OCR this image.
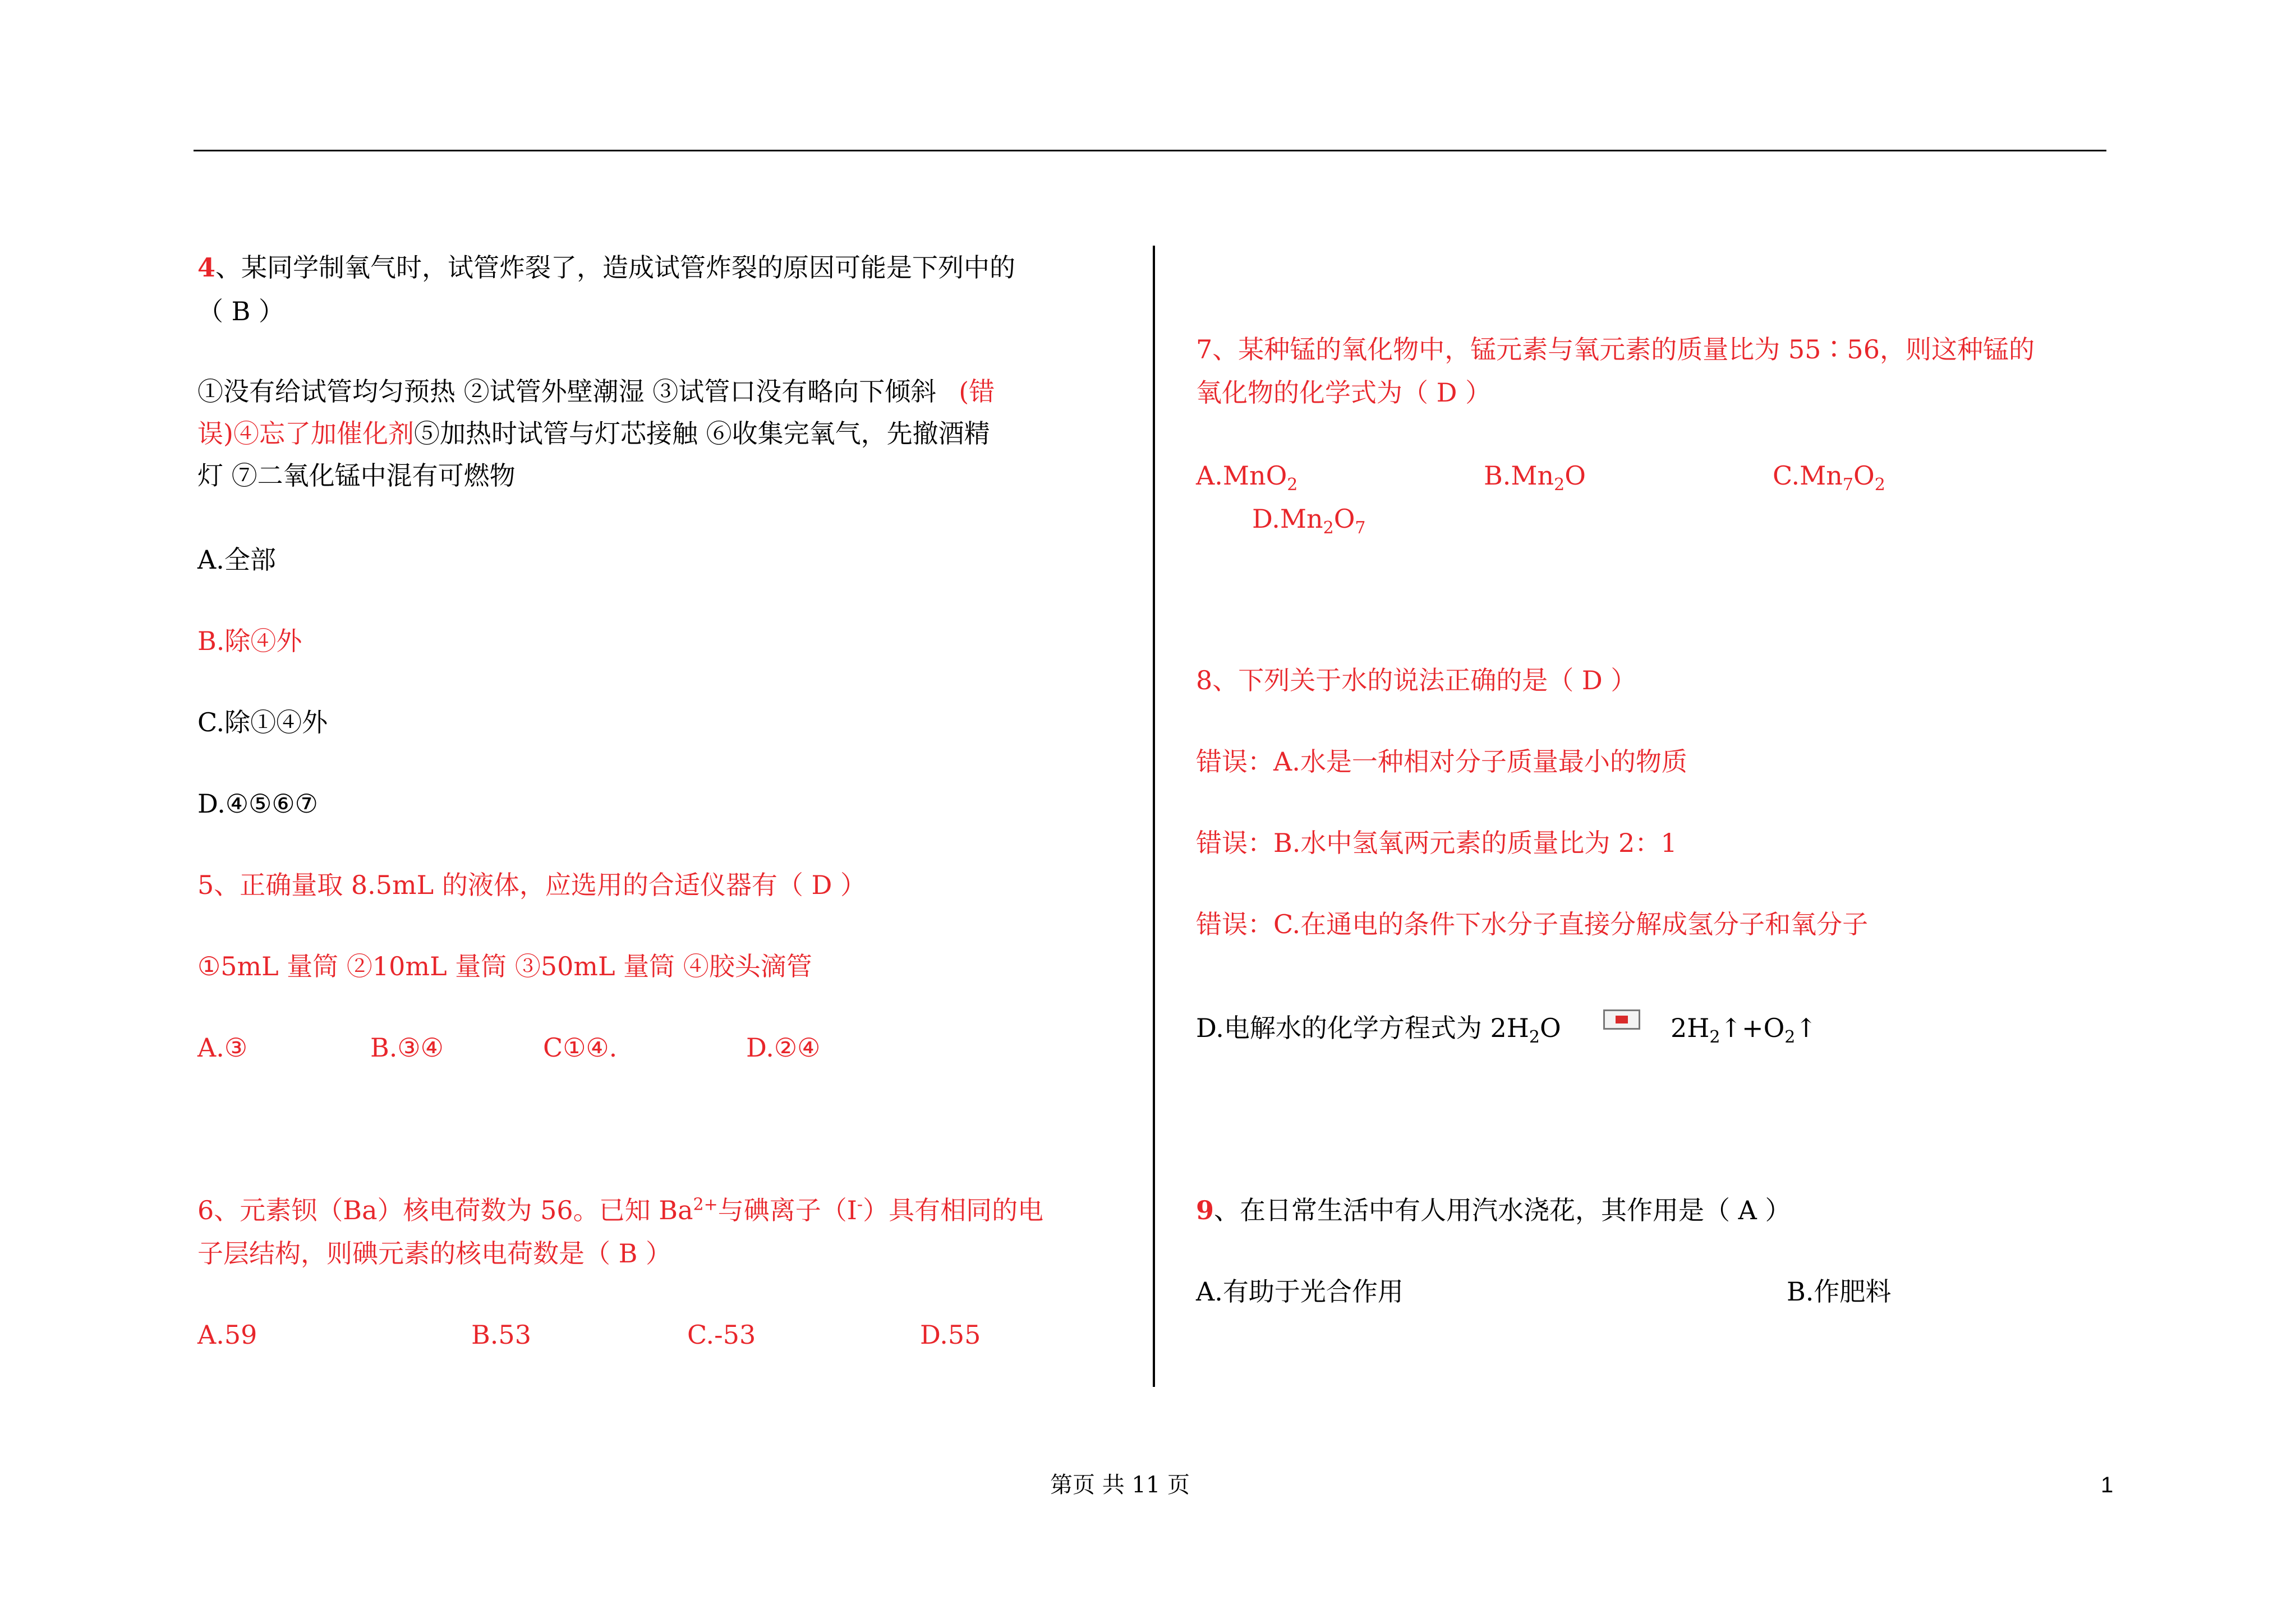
4、某同学制氧气时，试管炸裂了，造成试管炸裂的原因可能是下列中的
（ B ）
①没有给试管均匀预热 ②试管外壁潮湿 ③试管口没有略向下倾斜 (错
误)④忘了加催化剂⑤加热时试管与灯芯接触 ⑥收集完氧气，先撤酒精
灯 ⑦二氧化锰中混有可燃物
A.全部
B.除④外
C.除①④外
D.④⑤⑥⑦
5、正确量取 8.5mL 的液体，应选用的合适仪器有（ D ）
①5mL 量筒 ②10mL 量筒 ③50mL 量筒 ④胶头滴管
A.③	B.③④	C①④.	D.②④
6、元素钡（Ba）核电荷数为 56。已知 $Ba^{2+}$与碘离子（I-）具有相同的电
子层结构，则碘元素的核电荷数是（ B ）
A.59	B.53	C.-53	D.55
7、某种锰的氧化物中，锰元素与氧元素的质量比为 55∶56，则这种锰的
氧化物的化学式为（ D ）
A.MnO$_2$	$B.Mn_2O$	$C.Mn_7O_2$
$D.Mn_2O_7$
8、下列关于水的说法正确的是（ D ）
错误：A.水是一种相对分子质量最小的物质
错误：B.水中氢氧两元素的质量比为 2：1
错误：C.在通电的条件下水分子直接分解成氢分子和氧分子
D.电解水的化学方程式为 $2H_2O$	$2H_2↑+O_2↑$
9、在日常生活中有人用汽水浇花，其作用是（ A ）
A.有助于光合作用	B.作肥料
第页 共 11 页	1
